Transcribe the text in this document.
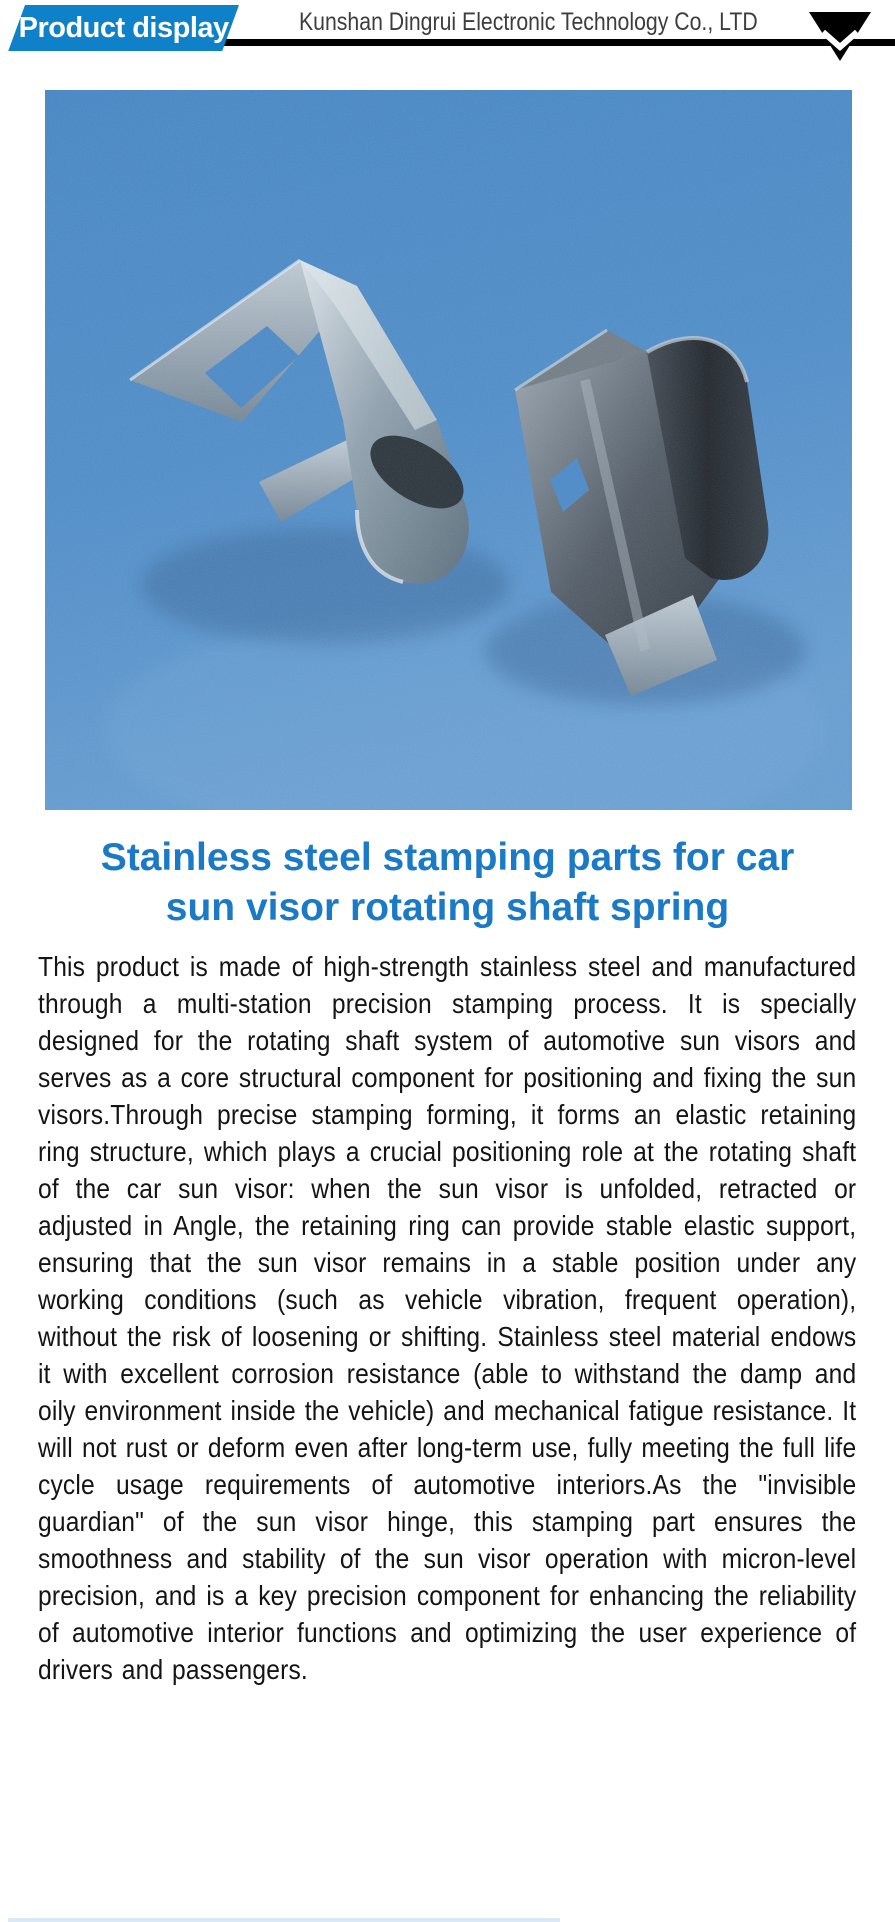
Product display	Kunshan Dingrui Electronic Technology Co., LTD
Stainless steel stamping parts for car
sun visor rotating shaft spring

This product is made of high-strength stainless steel and manufactured through a multi-station precision stamping process. It is specially designed for the rotating shaft system of automotive sun visors and serves as a core structural component for positioning and fixing the sun visors.Through precise stamping forming, it forms an elastic retaining ring structure, which plays a crucial positioning role at the rotating shaft of the car sun visor: when the sun visor is unfolded, retracted or adjusted in Angle, the retaining ring can provide stable elastic support, ensuring that the sun visor remains in a stable position under any working conditions (such as vehicle vibration, frequent operation), without the risk of loosening or shifting. Stainless steel material endows it with excellent corrosion resistance (able to withstand the damp and oily environment inside the vehicle) and mechanical fatigue resistance. It will not rust or deform even after long-term use, fully meeting the full life cycle usage requirements of automotive interiors.As the "invisible guardian" of the sun visor hinge, this stamping part ensures the smoothness and stability of the sun visor operation with micron-level precision, and is a key precision component for enhancing the reliability of automotive interior functions and optimizing the user experience of drivers and passengers.
